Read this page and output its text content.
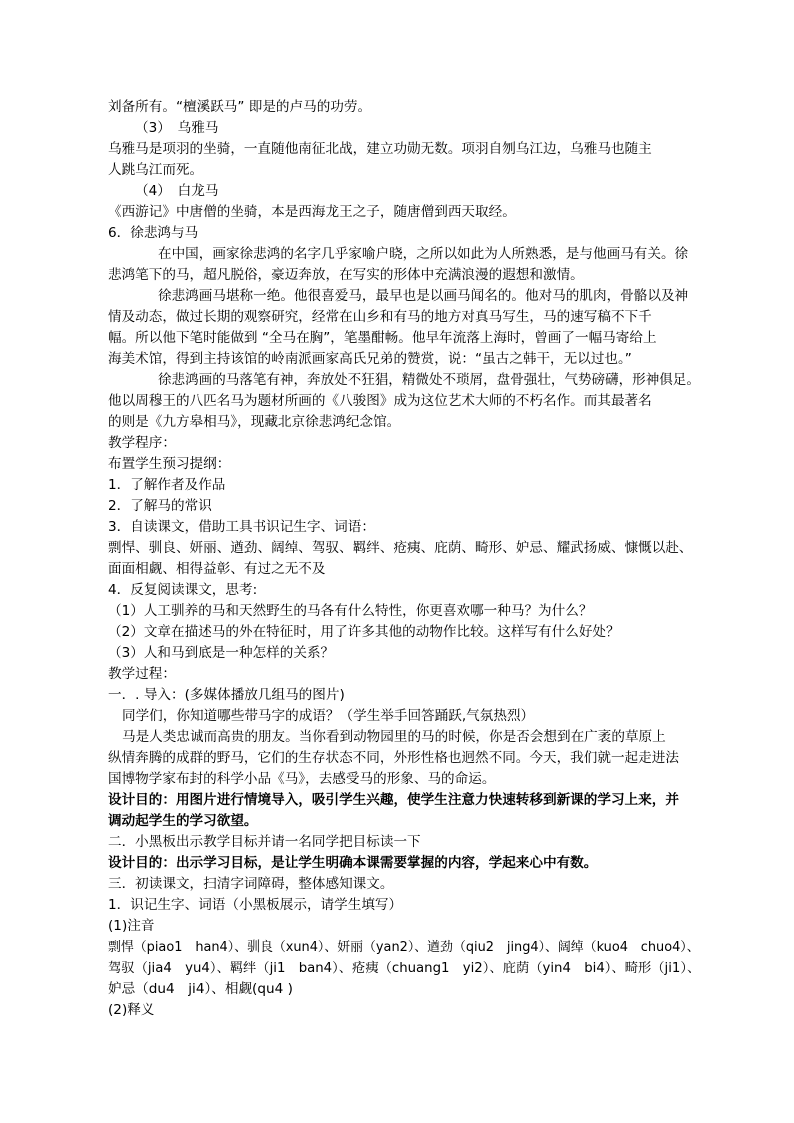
刘备所有。“檀溪跃马” 即是的卢马的功劳。
（3）　乌雅马
乌雅马是项羽的坐骑，一直随他南征北战，建立功勋无数。项羽自刎乌江边，乌雅马也随主
人跳乌江而死。
（4）　白龙马
《西游记》中唐僧的坐骑，本是西海龙王之子，随唐僧到西天取经。
6．徐悲鸿与马
在中国，画家徐悲鸿的名字几乎家喻户晓，之所以如此为人所熟悉，是与他画马有关。徐
悲鸿笔下的马，超凡脱俗，豪迈奔放，在写实的形体中充满浪漫的遐想和激情。
徐悲鸿画马堪称一绝。他很喜爱马，最早也是以画马闻名的。他对马的肌肉，骨骼以及神
情及动态，做过长期的观察研究，经常在山乡和有马的地方对真马写生，马的速写稿不下千
幅。所以他下笔时能做到 “全马在胸”，笔墨酣畅。他早年流落上海时，曾画了一幅马寄给上
海美术馆，得到主持该馆的岭南派画家高氏兄弟的赞赏，说：“虽古之韩干，无以过也。”
徐悲鸿画的马落笔有神，奔放处不狂猖，精微处不琐屑，盘骨强壮，气势磅礴，形神俱足。
他以周穆王的八匹名马为题材所画的《八骏图》成为这位艺术大师的不朽名作。而其最著名
的则是《九方皋相马》，现藏北京徐悲鸿纪念馆。
教学程序：
布置学生预习提纲：
1．了解作者及作品
2．了解马的常识
3．自读课文，借助工具书识记生字、词语：
剽悍、驯良、妍丽、遒劲、阔绰、驾驭、羁绊、疮痍、庇荫、畸形、妒忌、耀武扬威、慷慨以赴、
面面相觑、相得益彰、有过之无不及
4．反复阅读课文，思考:
（1）人工驯养的马和天然野生的马各有什么特性，你更喜欢哪一种马？为什么？
（2）文章在描述马的外在特征时，用了许多其他的动物作比较。这样写有什么好处？
（3）人和马到底是一种怎样的关系？
教学过程：
一．. 导入：(多媒体播放几组马的图片)
同学们，你知道哪些带马字的成语？（学生举手回答踊跃,气氛热烈）
马是人类忠诚而高贵的朋友。当你看到动物园里的马的时候，你是否会想到在广袤的草原上
纵情奔腾的成群的野马，它们的生存状态不同，外形性格也迥然不同。今天，我们就一起走进法
国博物学家布封的科学小品《马》，去感受马的形象、马的命运。
设计目的：用图片进行情境导入，吸引学生兴趣，使学生注意力快速转移到新课的学习上来，并
调动起学生的学习欲望。
二．小黑板出示教学目标并请一名同学把目标读一下
设计目的：出示学习目标，是让学生明确本课需要掌握的内容，学起来心中有数。
三．初读课文，扫清字词障碍，整体感知课文。
1．识记生字、词语（小黑板展示，请学生填写）
(1)注音
剽悍（piao1　han4）、驯良（xun4）、妍丽（yan2）、遒劲（qiu2　jing4）、阔绰（kuo4　chuo4）、
驾驭（jia4　yu4）、羁绊（ji1　ban4）、疮痍（chuang1　yi2）、庇荫（yin4　bi4）、畸形（ji1）、
妒忌（du4　ji4）、相觑(qu4 )
(2)释义
